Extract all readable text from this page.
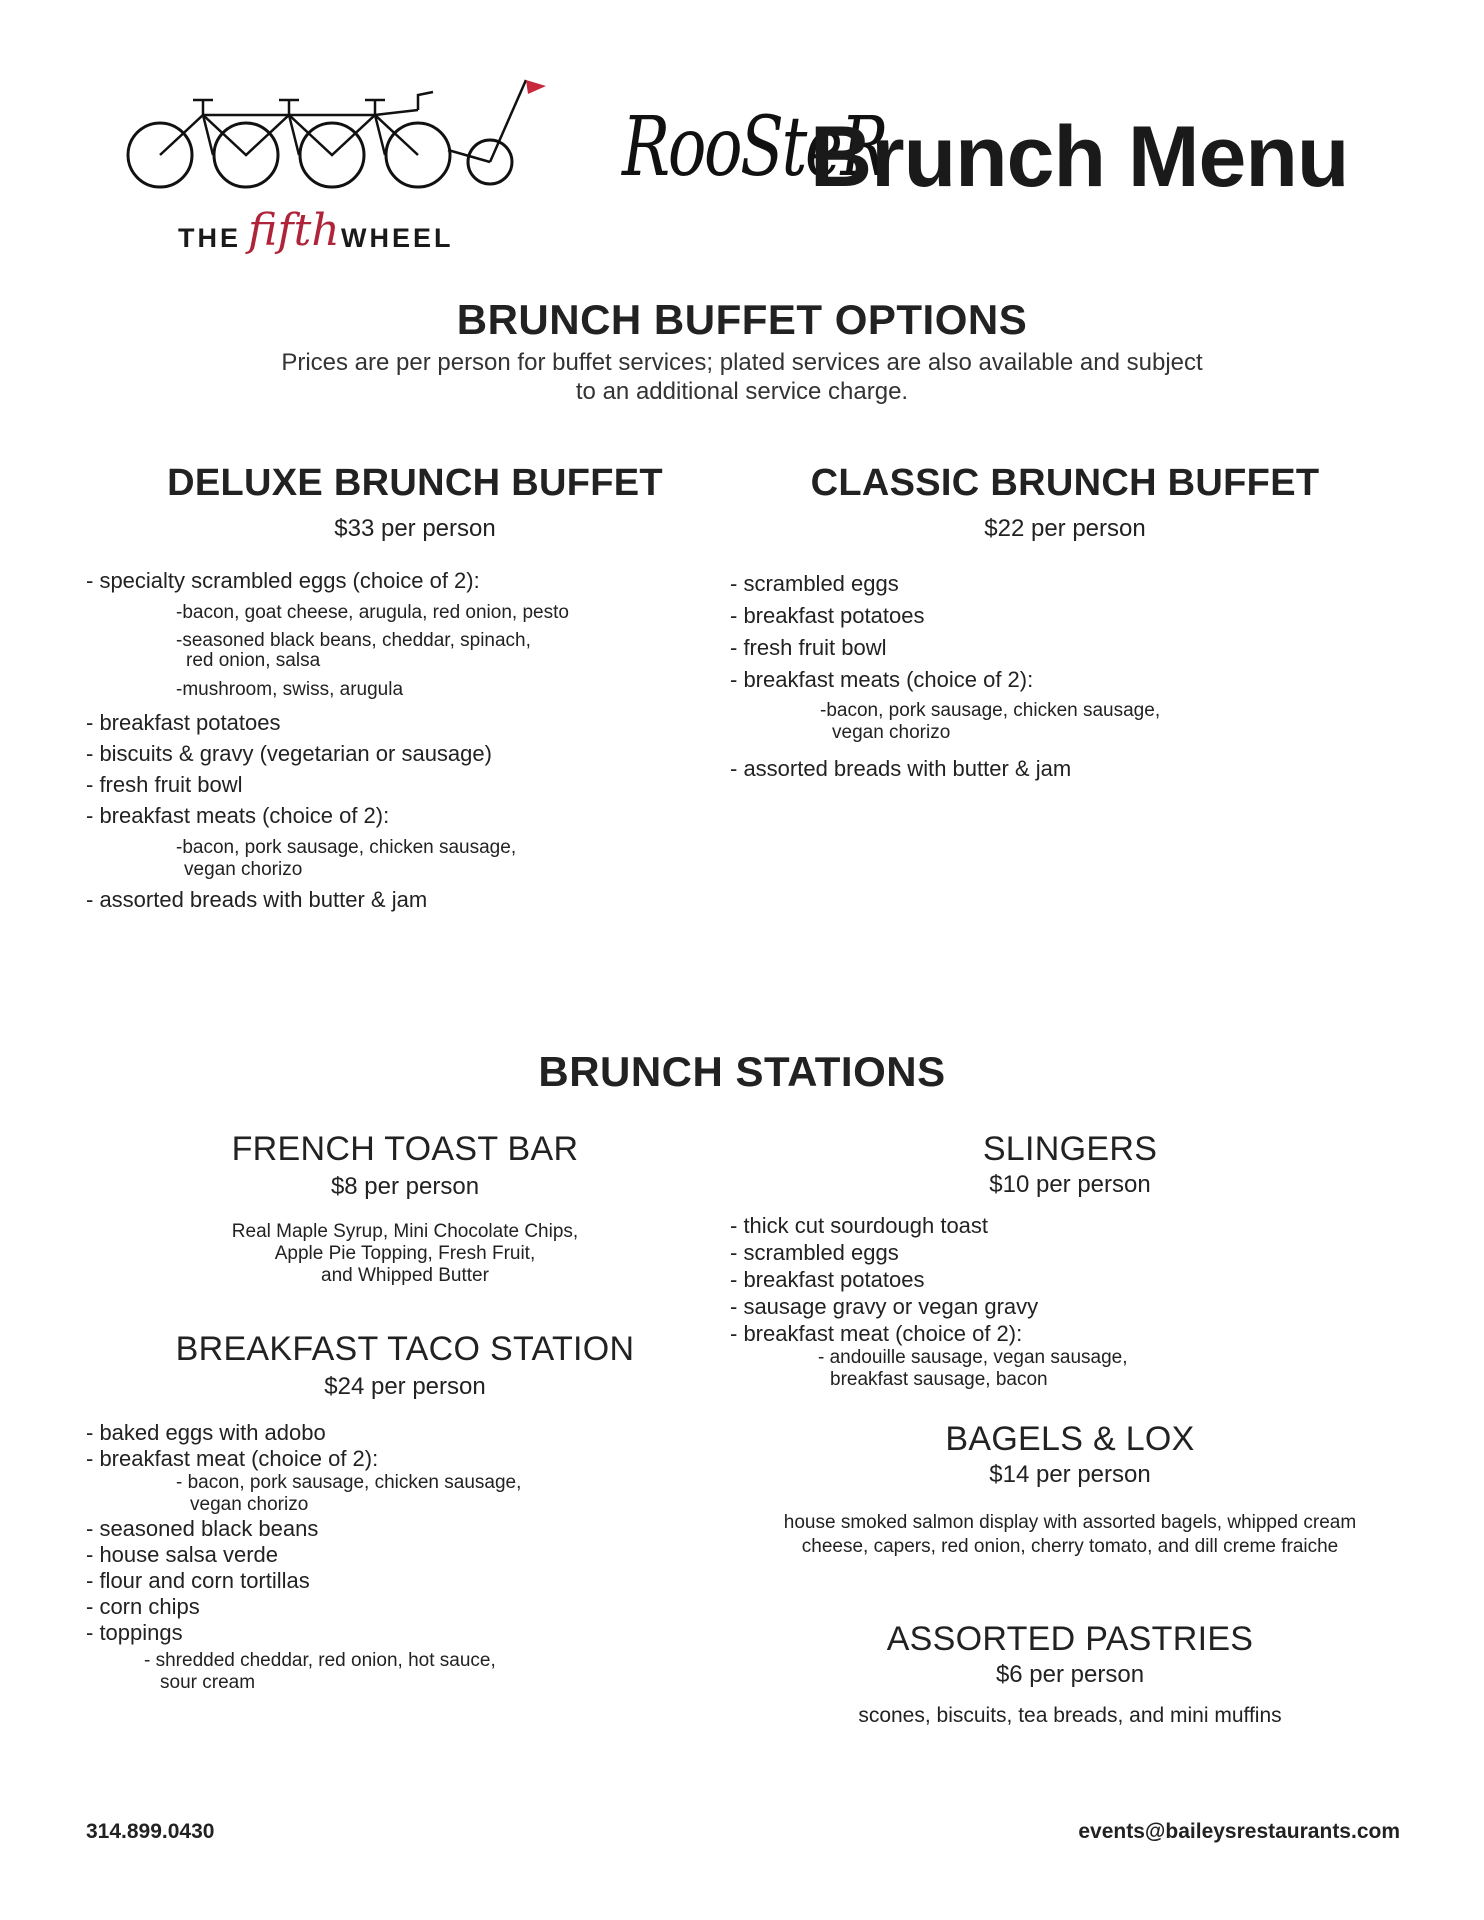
THE fifth WHEEL
RooSteR
Brunch Menu
BRUNCH BUFFET OPTIONS
Prices are per person for buffet services; plated services are also available and subject
to an additional service charge.
DELUXE BRUNCH BUFFET
$33 per person
- specialty scrambled eggs (choice of 2):
-bacon, goat cheese, arugula, red onion, pesto
-seasoned black beans, cheddar, spinach,
red onion, salsa
-mushroom, swiss, arugula
- breakfast potatoes
- biscuits & gravy (vegetarian or sausage)
- fresh fruit bowl
- breakfast meats (choice of 2):
-bacon, pork sausage, chicken sausage,
vegan chorizo
- assorted breads with butter & jam
CLASSIC BRUNCH BUFFET
$22 per person
- scrambled eggs
- breakfast potatoes
- fresh fruit bowl
- breakfast meats (choice of 2):
-bacon, pork sausage, chicken sausage,
vegan chorizo
- assorted breads with butter & jam
BRUNCH STATIONS
FRENCH TOAST BAR
$8 per person
Real Maple Syrup, Mini Chocolate Chips,
Apple Pie Topping, Fresh Fruit,
and Whipped Butter
BREAKFAST TACO STATION
$24 per person
- baked eggs with adobo
- breakfast meat (choice of 2):
- bacon, pork sausage, chicken sausage,
vegan chorizo
- seasoned black beans
- house salsa verde
- flour and corn tortillas
- corn chips
- toppings
- shredded cheddar, red onion, hot sauce,
sour cream
SLINGERS
$10 per person
- thick cut sourdough toast
- scrambled eggs
- breakfast potatoes
- sausage gravy or vegan gravy
- breakfast meat (choice of 2):
- andouille sausage, vegan sausage,
breakfast sausage, bacon
BAGELS & LOX
$14 per person
house smoked salmon display with assorted bagels, whipped cream
cheese, capers, red onion, cherry tomato, and dill creme fraiche
ASSORTED PASTRIES
$6 per person
scones, biscuits, tea breads, and mini muffins
314.899.0430	events@baileysrestaurants.com
